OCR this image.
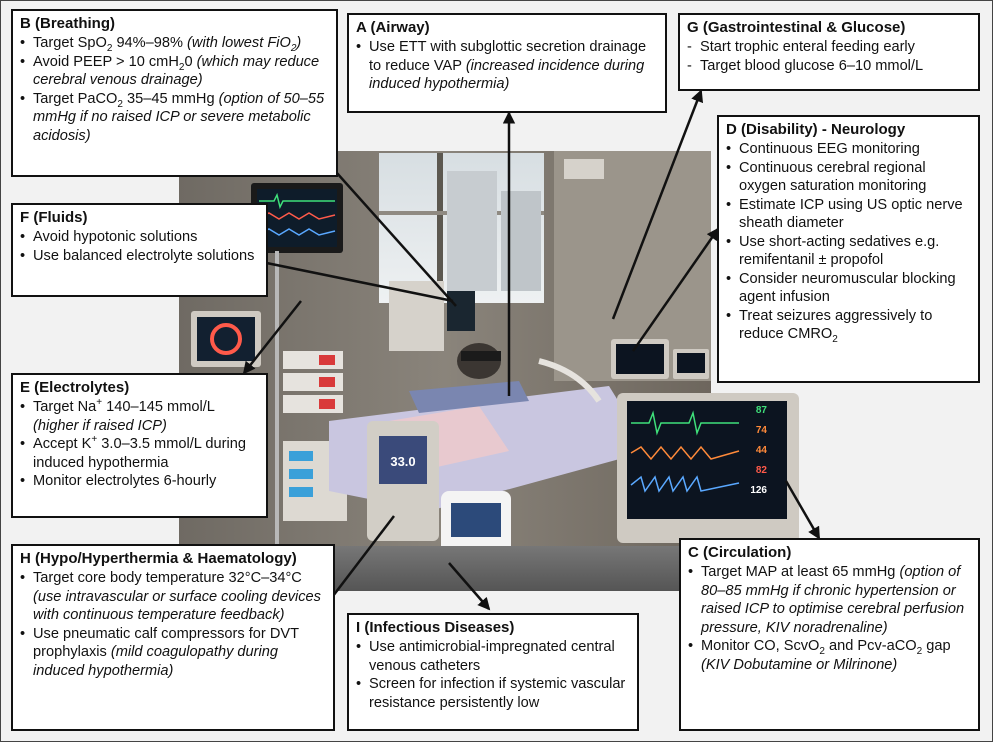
33.0
87
74
44
82
126
B (Breathing)
• Target SpO$_2$ 94%–98% (with lowest FiO$_2$)
• Avoid PEEP > 10 cmH$_2$0 (which may reduce cerebral venous drainage)
• Target PaCO$_2$ 35–45 mmHg (option of 50–55 mmHg if no raised ICP or severe metabolic acidosis)
A (Airway)
• Use ETT with subglottic secretion drainage to reduce VAP (increased incidence during induced hypothermia)
G (Gastrointestinal & Glucose)
- Start trophic enteral feeding early
- Target blood glucose 6–10 mmol/L
F (Fluids)
• Avoid hypotonic solutions
• Use balanced electrolyte solutions
D (Disability) - Neurology
• Continuous EEG monitoring
• Continuous cerebral regional oxygen saturation monitoring
• Estimate ICP using US optic nerve sheath diameter
• Use short-acting sedatives e.g. remifentanil ± propofol
• Consider neuromuscular blocking agent infusion
• Treat seizures aggressively to reduce $CMRO_2$
E (Electrolytes)
• Target Na+ 140–145 mmol/L (higher if raised ICP)
• Accept K+ 3.0–3.5 mmol/L during induced hypothermia
• Monitor electrolytes 6-hourly
H (Hypo/Hyperthermia & Haematology)
• Target core body temperature 32°C–34°C (use intravascular or surface cooling devices with continuous temperature feedback)
• Use pneumatic calf compressors for DVT prophylaxis (mild coagulopathy during induced hypothermia)
I (Infectious Diseases)
• Use antimicrobial-impregnated central venous catheters
• Screen for infection if systemic vascular resistance persistently low
C (Circulation)
• Target MAP at least 65 mmHg (option of 80–85 mmHg if chronic hypertension or raised ICP to optimise cerebral perfusion pressure, KIV noradrenaline)
• Monitor CO, ScvO$_2$ and Pcv-aCO$_2$ gap (KIV Dobutamine or Milrinone)
